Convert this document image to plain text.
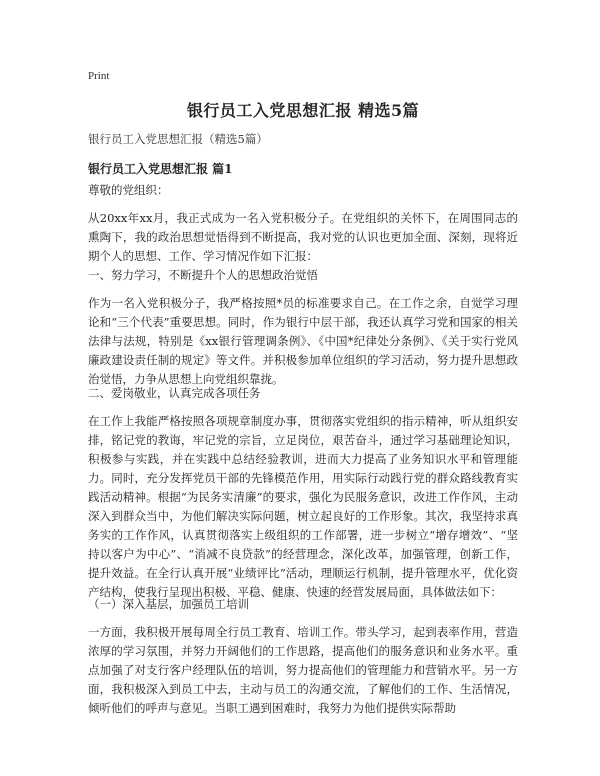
Print
银行员工入党思想汇报 精选5篇
银行员工入党思想汇报（精选5篇）
银行员工入党思想汇报 篇1

尊敬的党组织：

从20xx年xx月，我正式成为一名入党积极分子。在党组织的关怀下，在周围同志的熏陶下，我的政治思想觉悟得到不断提高，我对党的认识也更加全面、深刻，现将近期个人的思想、工作、学习情况作如下汇报：

一、努力学习，不断提升个人的思想政治觉悟

作为一名入党积极分子，我严格按照*员的标准要求自己。在工作之余，自觉学习理论和“三个代表”重要思想。同时，作为银行中层干部，我还认真学习党和国家的相关法律与法规，特别是《xx银行管理调条例》、《中国*纪律处分条例》、《关于实行党风廉政建设责任制的规定》等文件。并积极参加单位组织的学习活动，努力提升思想政治觉悟，力争从思想上向党组织靠拢。

二、爱岗敬业，认真完成各项任务

在工作上我能严格按照各项规章制度办事，贯彻落实党组织的指示精神，听从组织安排，铭记党的教诲，牢记党的宗旨，立足岗位，艰苦奋斗，通过学习基础理论知识，积极参与实践，并在实践中总结经验教训，进而大力提高了业务知识水平和管理能力。同时，充分发挥党员干部的先锋模范作用，用实际行动践行党的群众路线教育实践活动精神。根据“为民务实清廉”的要求，强化为民服务意识，改进工作作风，主动深入到群众当中，为他们解决实际问题，树立起良好的工作形象。其次，我坚持求真务实的工作作风，认真贯彻落实上级组织的工作部署，进一步树立“增存增效”、“坚持以客户为中心”、“消减不良贷款”的经营理念，深化改革，加强管理，创新工作，提升效益。在全行认真开展“业绩评比”活动，理顺运行机制，提升管理水平，优化资产结构，使我行呈现出积极、平稳、健康、快速的经营发展局面，具体做法如下：

（一）深入基层，加强员工培训

一方面，我积极开展每周全行员工教育、培训工作。带头学习，起到表率作用，营造浓厚的学习氛围，并努力开阔他们的工作思路，提高他们的服务意识和业务水平。重点加强了对支行客户经理队伍的培训，努力提高他们的管理能力和营销水平。另一方面，我积极深入到员工中去，主动与员工的沟通交流，了解他们的工作、生活情况，倾听他们的呼声与意见。当职工遇到困难时，我努力为他们提供实际帮助
